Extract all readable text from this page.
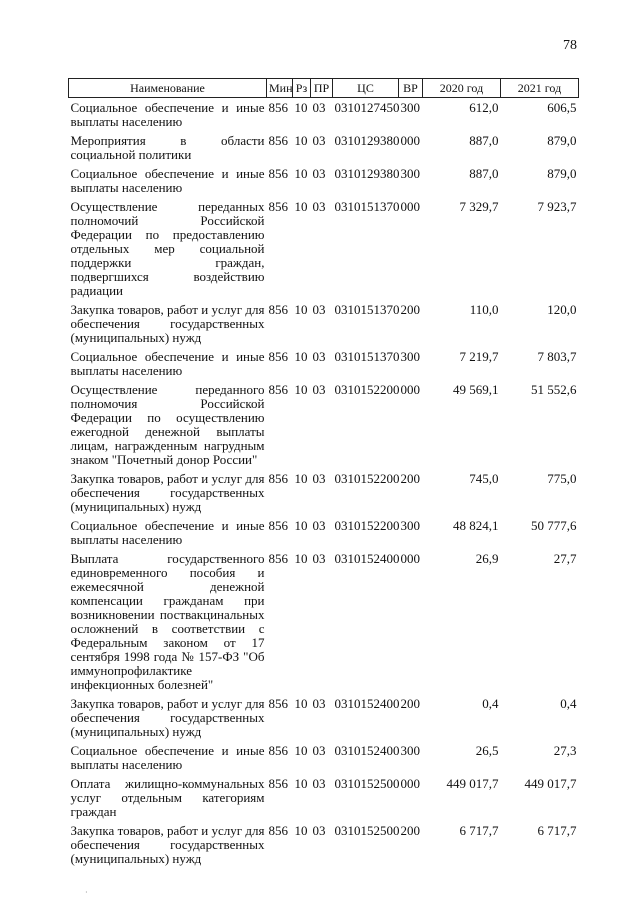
78
Наименование	Мин	Рз	ПР	ЦС	ВР	2020 год	2021 год
Социальное обеспечение и иные выплаты населению	856	10	03	0310127450	300	612,0	606,5
Мероприятия в области социальной политики	856	10	03	0310129380	000	887,0	879,0
Социальное обеспечение и иные выплаты населению	856	10	03	0310129380	300	887,0	879,0
Осуществление переданных полномочий Российской Федерации по предоставлению отдельных мер социальной поддержки граждан, подвергшихся воздействию радиации	856	10	03	0310151370	000	7 329,7	7 923,7
Закупка товаров, работ и услуг для обеспечения государственных (муниципальных) нужд	856	10	03	0310151370	200	110,0	120,0
Социальное обеспечение и иные выплаты населению	856	10	03	0310151370	300	7 219,7	7 803,7
Осуществление переданного полномочия Российской Федерации по осуществлению ежегодной денежной выплаты лицам, награжденным нагрудным знаком "Почетный донор России"	856	10	03	0310152200	000	49 569,1	51 552,6
Закупка товаров, работ и услуг для обеспечения государственных (муниципальных) нужд	856	10	03	0310152200	200	745,0	775,0
Социальное обеспечение и иные выплаты населению	856	10	03	0310152200	300	48 824,1	50 777,6
Выплата государственного единовременного пособия и ежемесячной денежной компенсации гражданам при возникновении поствакцинальных осложнений в соответствии с Федеральным законом от 17 сентября 1998 года № 157-ФЗ "Об иммунопрофилактике инфекционных болезней"	856	10	03	0310152400	000	26,9	27,7
Закупка товаров, работ и услуг для обеспечения государственных (муниципальных) нужд	856	10	03	0310152400	200	0,4	0,4
Социальное обеспечение и иные выплаты населению	856	10	03	0310152400	300	26,5	27,3
Оплата жилищно-коммунальных услуг отдельным категориям граждан	856	10	03	0310152500	000	449 017,7	449 017,7
Закупка товаров, работ и услуг для обеспечения государственных (муниципальных) нужд	856	10	03	0310152500	200	6 717,7	6 717,7
·
